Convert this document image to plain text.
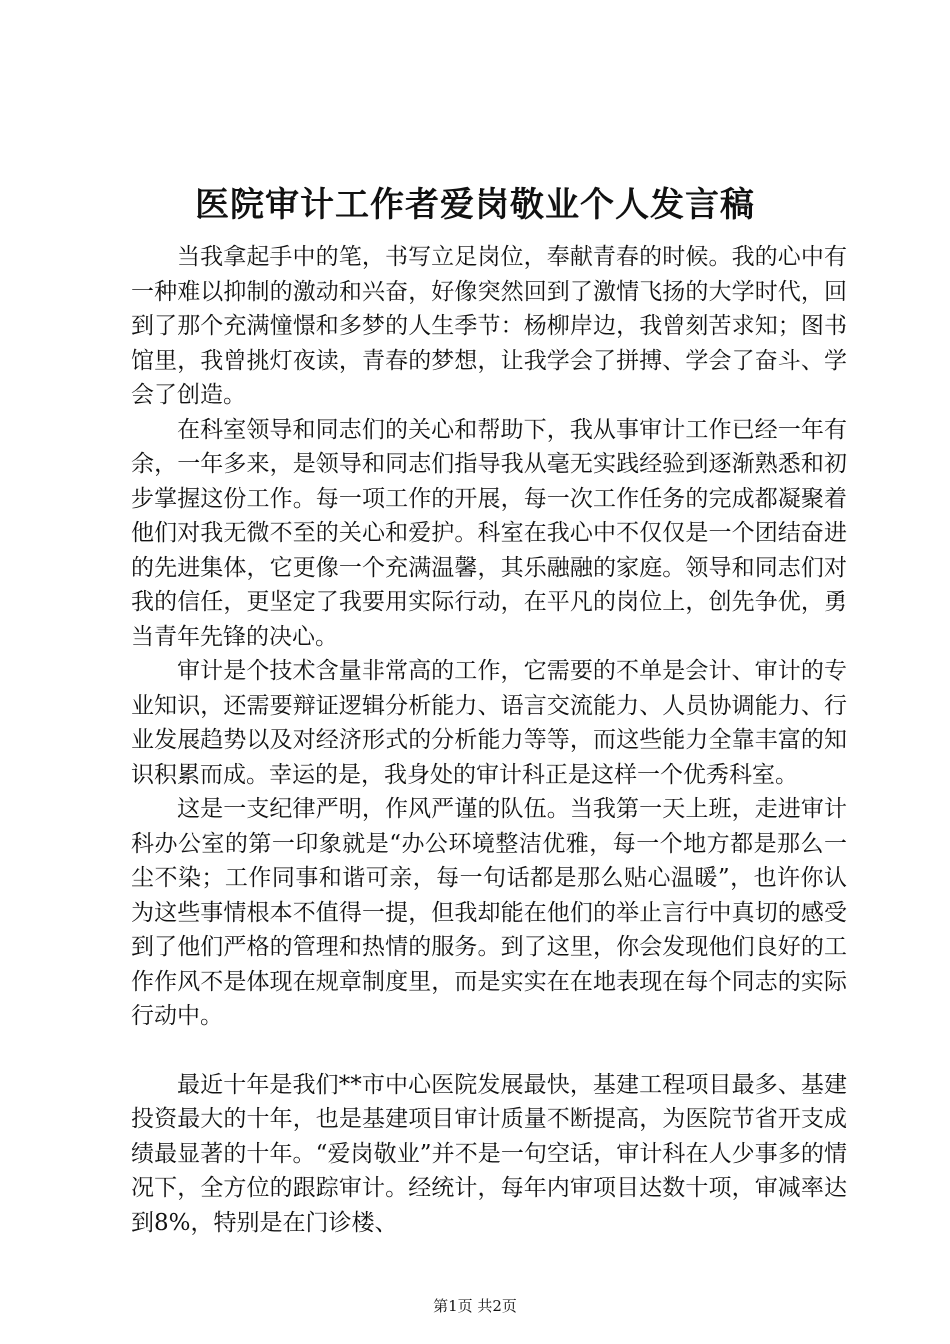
医院审计工作者爱岗敬业个人发言稿

当我拿起手中的笔，书写立足岗位，奉献青春的时候。我的心中有一种难以抑制的激动和兴奋，好像突然回到了激情飞扬的大学时代，回到了那个充满憧憬和多梦的人生季节：杨柳岸边，我曾刻苦求知；图书馆里，我曾挑灯夜读，青春的梦想，让我学会了拼搏、学会了奋斗、学会了创造。

在科室领导和同志们的关心和帮助下，我从事审计工作已经一年有余，一年多来，是领导和同志们指导我从毫无实践经验到逐渐熟悉和初步掌握这份工作。每一项工作的开展，每一次工作任务的完成都凝聚着他们对我无微不至的关心和爱护。科室在我心中不仅仅是一个团结奋进的先进集体，它更像一个充满温馨，其乐融融的家庭。领导和同志们对我的信任，更坚定了我要用实际行动，在平凡的岗位上，创先争优，勇当青年先锋的决心。

审计是个技术含量非常高的工作，它需要的不单是会计、审计的专业知识，还需要辩证逻辑分析能力、语言交流能力、人员协调能力、行业发展趋势以及对经济形式的分析能力等等，而这些能力全靠丰富的知识积累而成。幸运的是，我身处的审计科正是这样一个优秀科室。

这是一支纪律严明，作风严谨的队伍。当我第一天上班，走进审计科办公室的第一印象就是“办公环境整洁优雅，每一个地方都是那么一尘不染；工作同事和谐可亲，每一句话都是那么贴心温暖”，也许你认为这些事情根本不值得一提，但我却能在他们的举止言行中真切的感受到了他们严格的管理和热情的服务。到了这里，你会发现他们良好的工作作风不是体现在规章制度里，而是实实在在地表现在每个同志的实际行动中。

最近十年是我们**市中心医院发展最快，基建工程项目最多、基建投资最大的十年，也是基建项目审计质量不断提高，为医院节省开支成绩最显著的十年。“爱岗敬业”并不是一句空话，审计科在人少事多的情况下，全方位的跟踪审计。经统计，每年内审项目达数十项，审减率达到8%，特别是在门诊楼、

第1页 共2页
